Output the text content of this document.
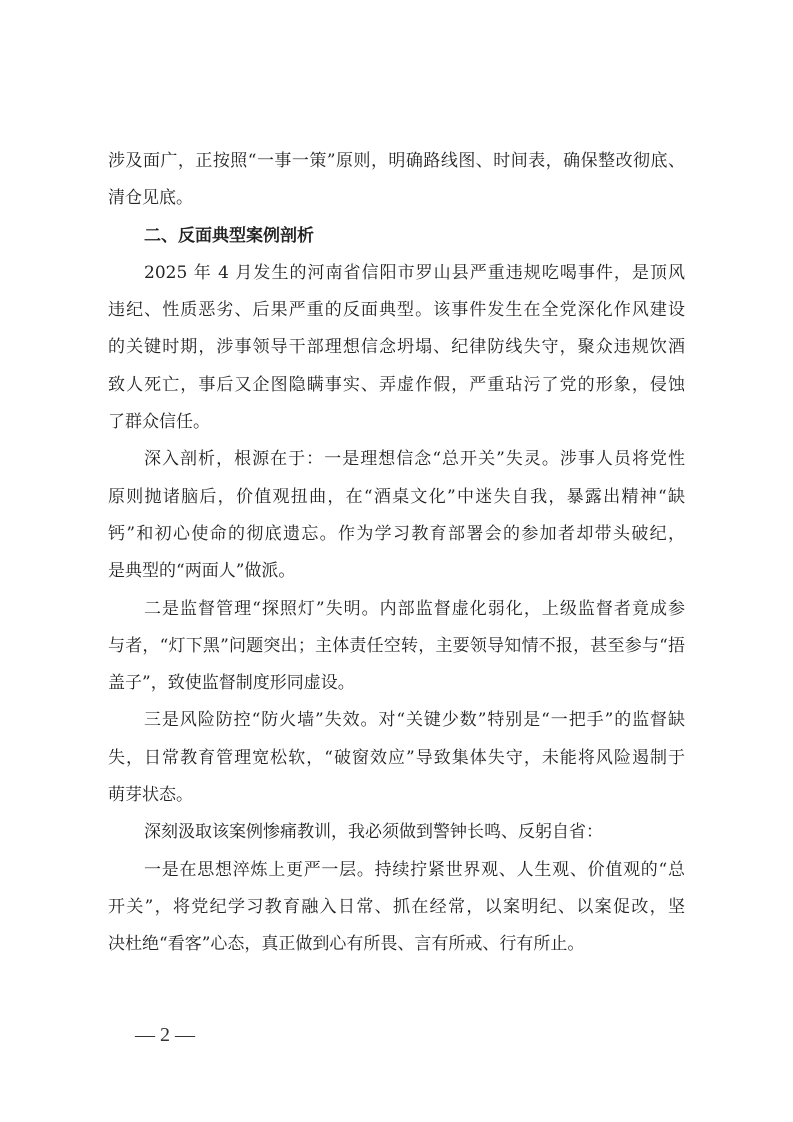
涉及面广，正按照“一事一策”原则，明确路线图、时间表，确保整改彻底、
清仓见底。
二、反面典型案例剖析
2025 年 4 月发生的河南省信阳市罗山县严重违规吃喝事件，是顶风
违纪、性质恶劣、后果严重的反面典型。该事件发生在全党深化作风建设
的关键时期，涉事领导干部理想信念坍塌、纪律防线失守，聚众违规饮酒
致人死亡，事后又企图隐瞒事实、弄虚作假，严重玷污了党的形象，侵蚀
了群众信任。
深入剖析，根源在于：一是理想信念“总开关”失灵。涉事人员将党性
原则抛诸脑后，价值观扭曲，在“酒桌文化”中迷失自我，暴露出精神“缺
钙”和初心使命的彻底遗忘。作为学习教育部署会的参加者却带头破纪，
是典型的“两面人”做派。
二是监督管理“探照灯”失明。内部监督虚化弱化，上级监督者竟成参
与者，“灯下黑”问题突出；主体责任空转，主要领导知情不报，甚至参与“捂
盖子”，致使监督制度形同虚设。
三是风险防控“防火墙”失效。对“关键少数”特别是“一把手”的监督缺
失，日常教育管理宽松软，“破窗效应”导致集体失守，未能将风险遏制于
萌芽状态。
深刻汲取该案例惨痛教训，我必须做到警钟长鸣、反躬自省：
一是在思想淬炼上更严一层。持续拧紧世界观、人生观、价值观的“总
开关”，将党纪学习教育融入日常、抓在经常，以案明纪、以案促改，坚
决杜绝“看客”心态，真正做到心有所畏、言有所戒、行有所止。
— 2 —
